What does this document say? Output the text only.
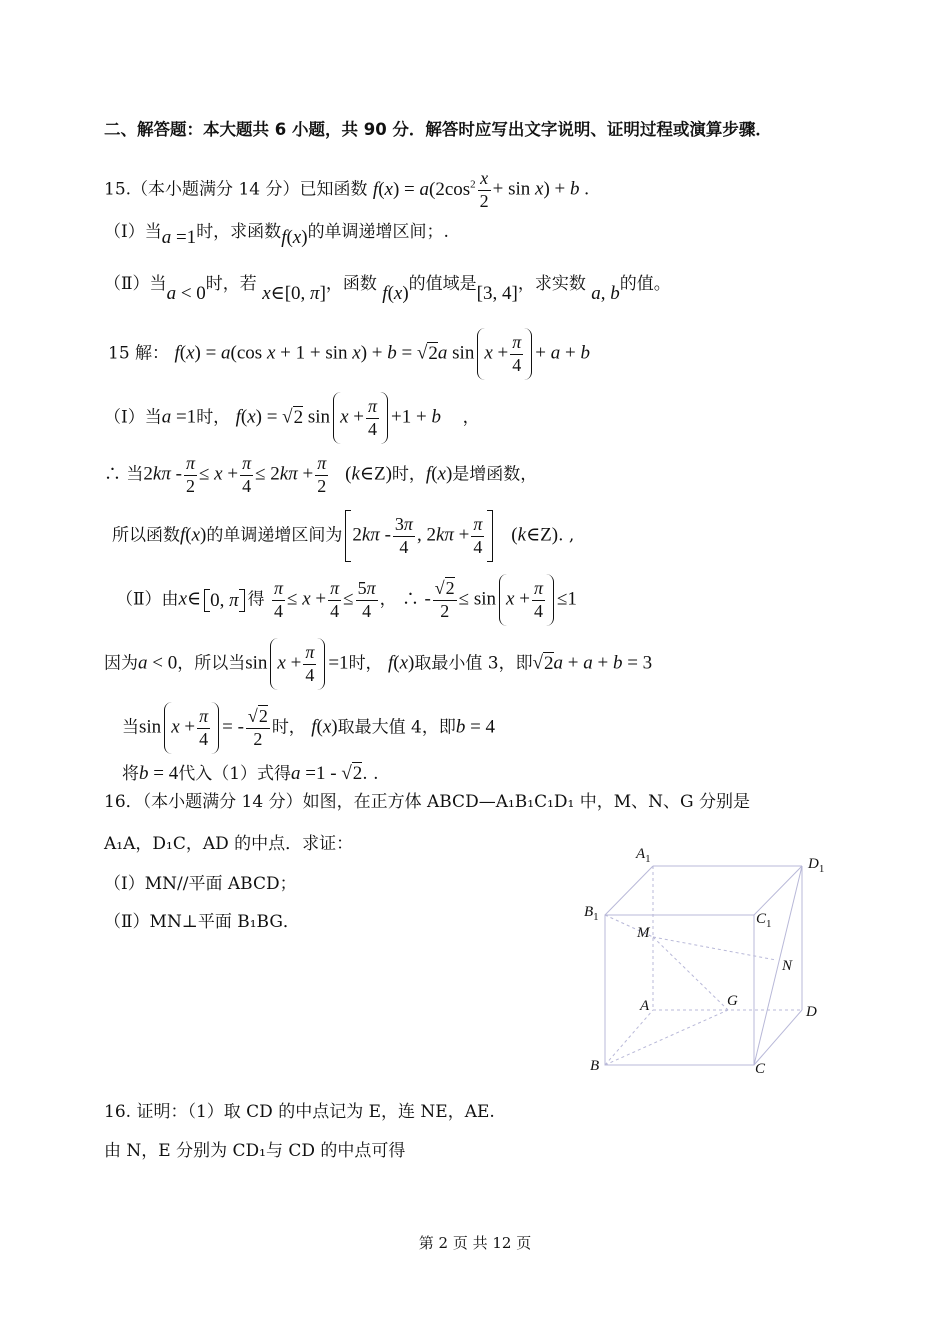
二、解答题：本大题共 6 小题，共 90 分．解答时应写出文字说明、证明过程或演算步骤．
15.（本小题满分 14 分）已知函数 $f(x) = a(2\cos^2 \frac{x}{2} + \sin x) + b$ .
（Ⅰ）当a =1时，求函数f(x)的单调递增区间；.
（Ⅱ）当a < 0时，若 x∈[0, π]，函数 f(x)的值域是[3, 4]，求实数 a, b的值。
15 解： f(x) = a(cos x + 1 + sin x) + b = √2a $\sin x + \frac{\pi}{4} + a + b$
（Ⅰ）当a =1时， f(x) = √2 $\sin x + \frac{\pi}{4} +1 + b$ ，
∴ 当$2k\pi - \frac{\pi}{2} \le x + \frac{\pi}{4} \le 2k\pi + \frac{\pi}{2}$ (k∈Z)时，f(x)是增函数，
所以函数f(x)的单调递增区间为 $2k\pi - \frac{3\pi}{4}$ , $2k\pi + \frac{\pi}{4}$ (k∈Z). ,
（Ⅱ）由x∈ 0, π 得 $\frac{\pi}{4} \le x + \frac{\pi}{4} \le \frac{5\pi}{4}$ ， ∴ - $\frac{√2}{2} \le \sin x + \frac{\pi}{4} \le 1$
因为a < 0，所以当$\sin x + \frac{\pi}{4} =1$时， f(x)取最小值 3，即√2a + a + b = 3
当$\sin x + \frac{\pi}{4}$ = - $\frac{√2}{2}$ 时， f(x)取最大值 4，即b = 4
将b = 4代入（1）式得a =1 - √2. .
16．（本小题满分 14 分）如图，在正方体 ABCD—A₁B₁C₁D₁ 中，M、N、G 分别是
A₁A，D₁C，AD 的中点．求证：
（Ⅰ）MN//平面 ABCD；
（Ⅱ）MN⊥平面 B₁BG．
$A_1$	$D_1$
$B_1$	$C_1$
M
N
A	G
D
B	C
16. 证明：（1）取 CD 的中点记为 E，连 NE，AE.
由 N，E 分别为 CD₁与 CD 的中点可得
第 2 页 共 12 页
